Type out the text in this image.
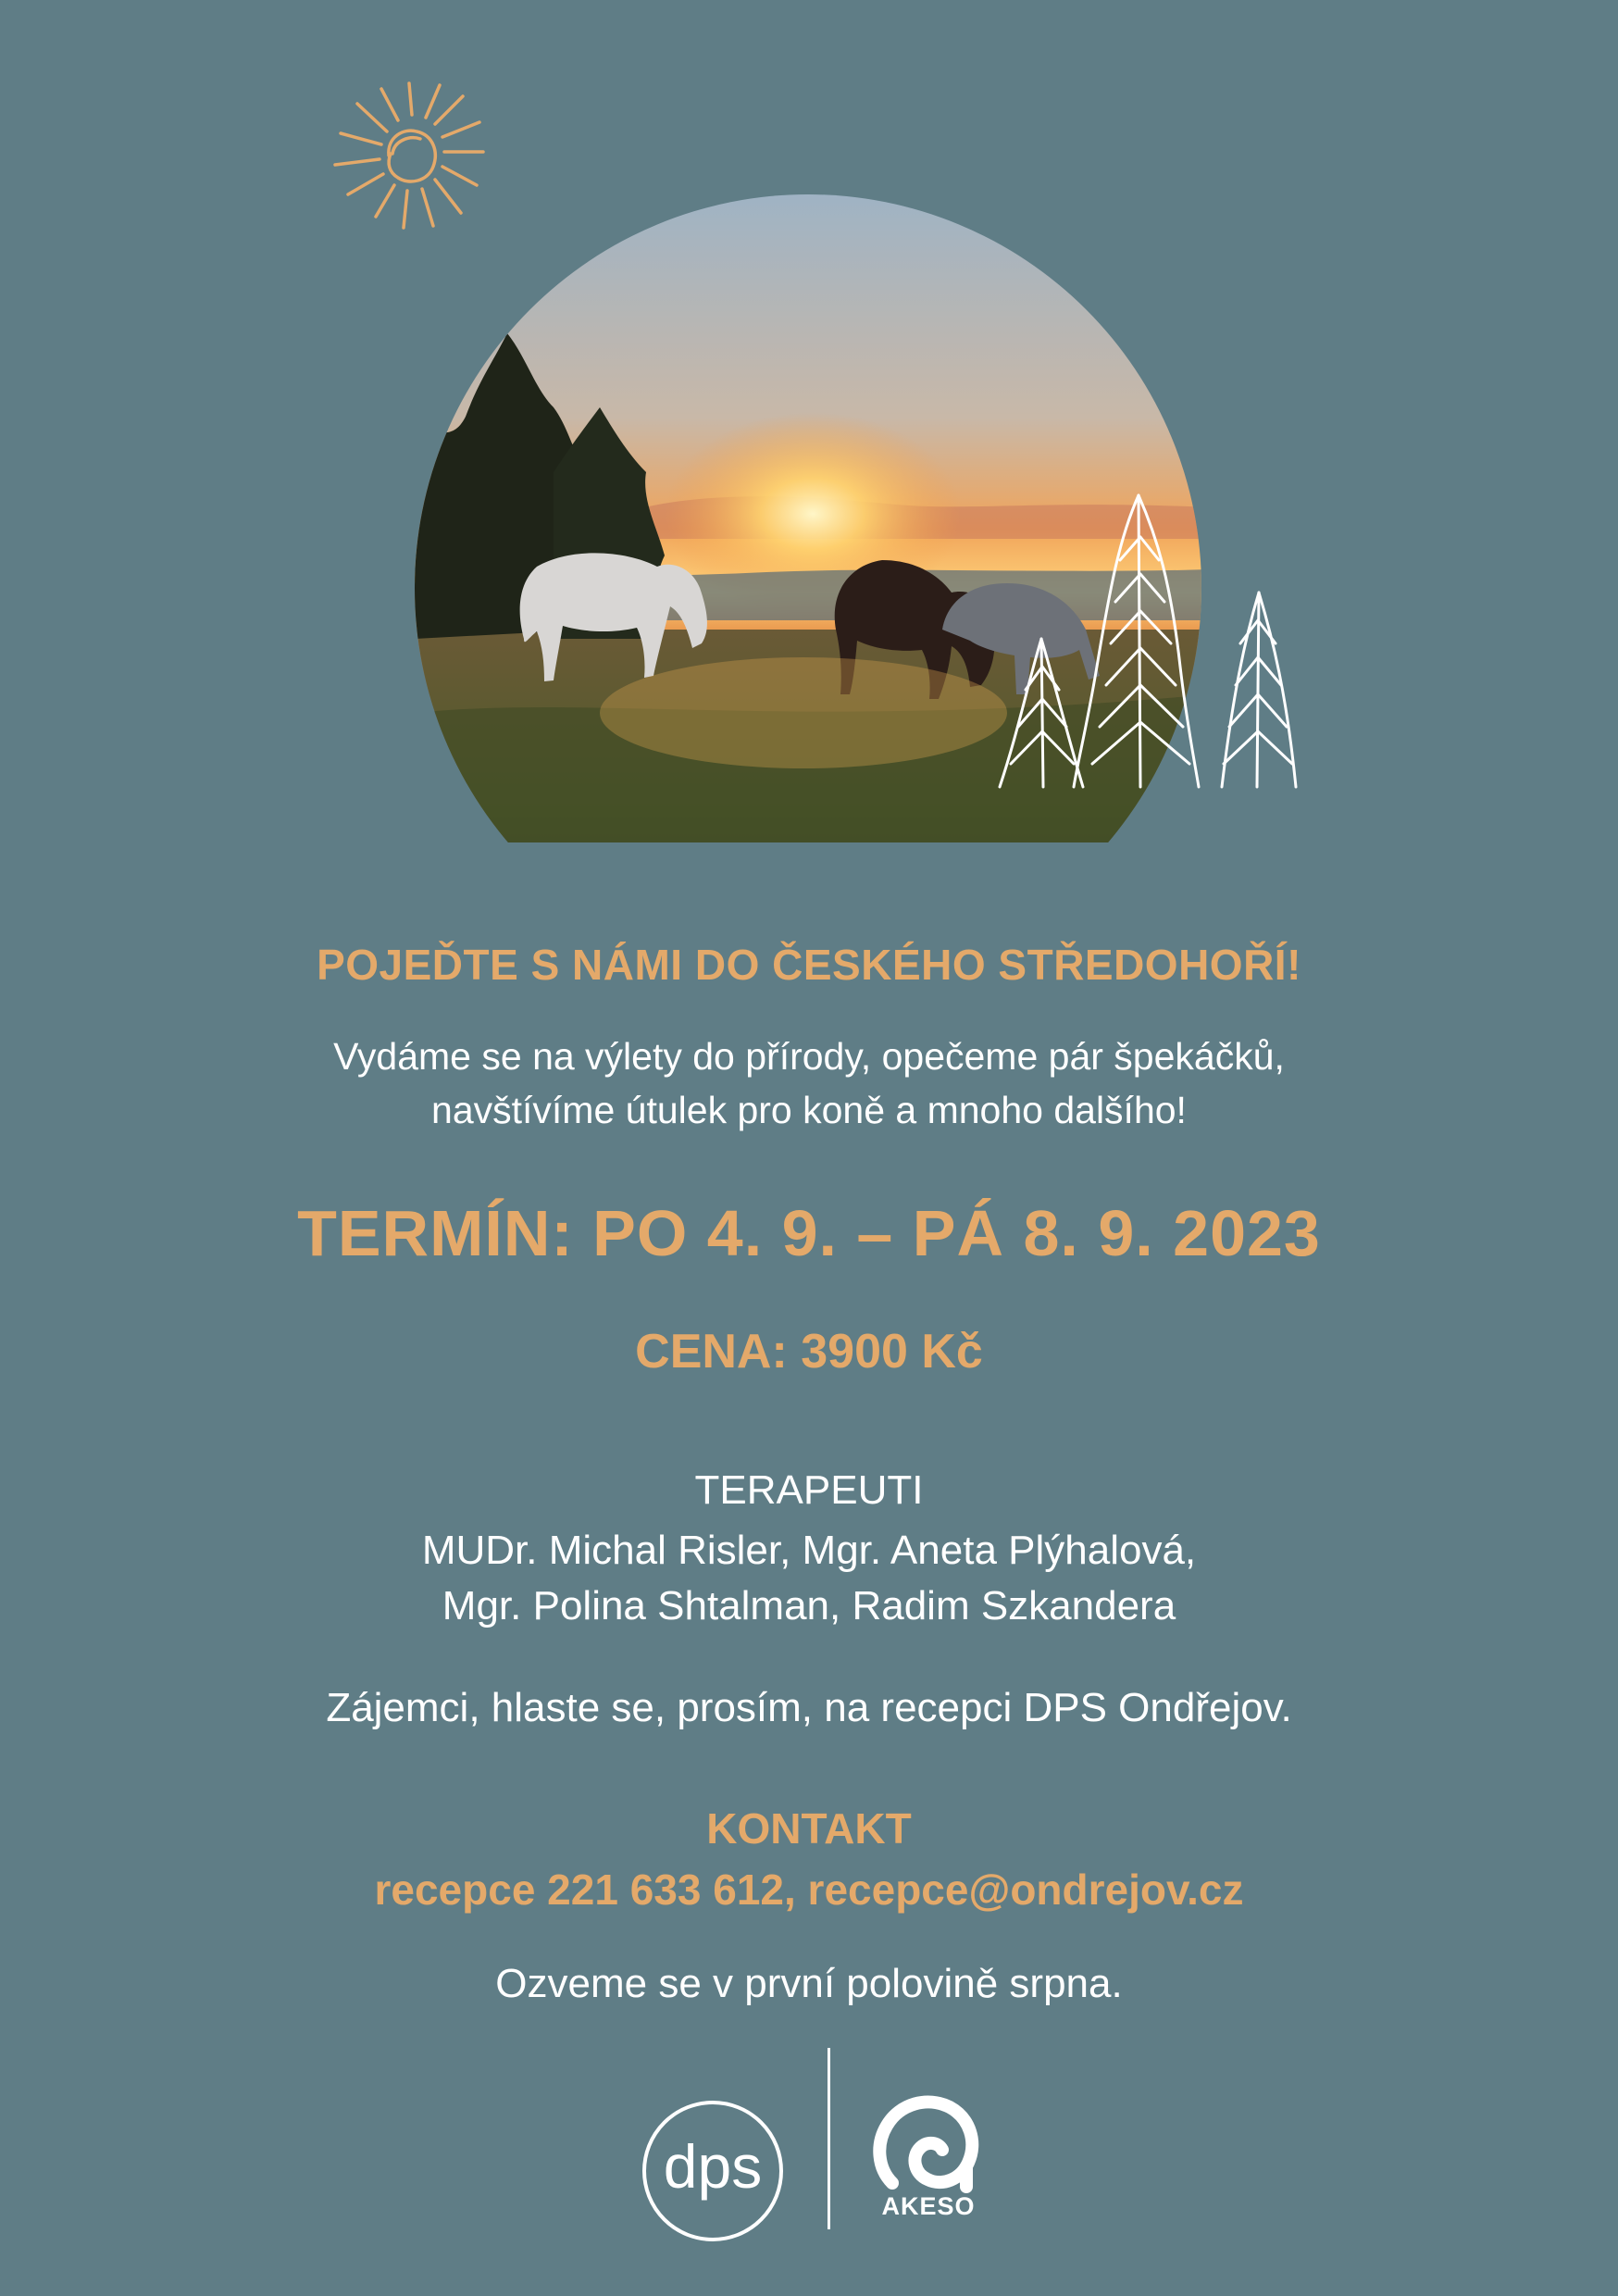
POJEĎTE S NÁMI DO ČESKÉHO STŘEDOHOŘÍ!
Vydáme se na výlety do přírody, opečeme pár špekáčků,
navštívíme útulek pro koně a mnoho dalšího!
TERMÍN: PO 4. 9. – PÁ 8. 9. 2023
CENA: 3900 Kč
TERAPEUTI
MUDr. Michal Risler, Mgr. Aneta Plýhalová,
Mgr. Polina Shtalman, Radim Szkandera
Zájemci, hlaste se, prosím, na recepci DPS Ondřejov.
KONTAKT
recepce 221 633 612, recepce@ondrejov.cz
Ozveme se v první polovině srpna.
dps
AKESO
